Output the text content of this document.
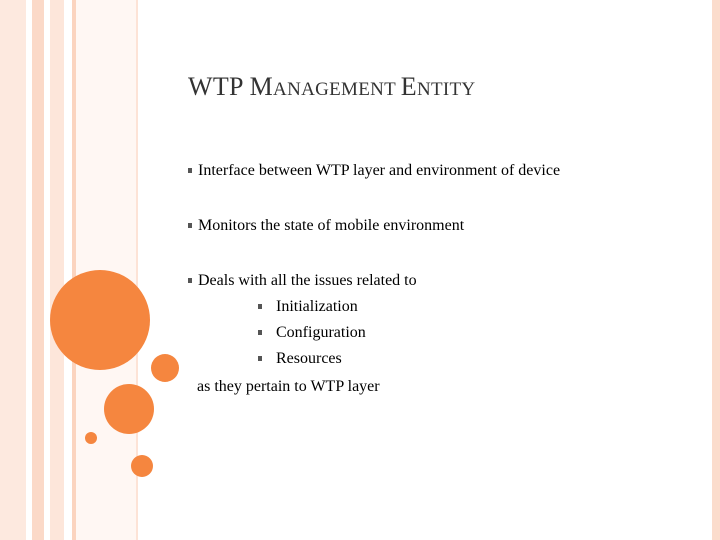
WTP MANAGEMENT ENTITY
Interface between WTP layer and environment of device
Monitors the state of mobile environment
Deals with all the issues related to
Initialization
Configuration
Resources
as they pertain to WTP layer
